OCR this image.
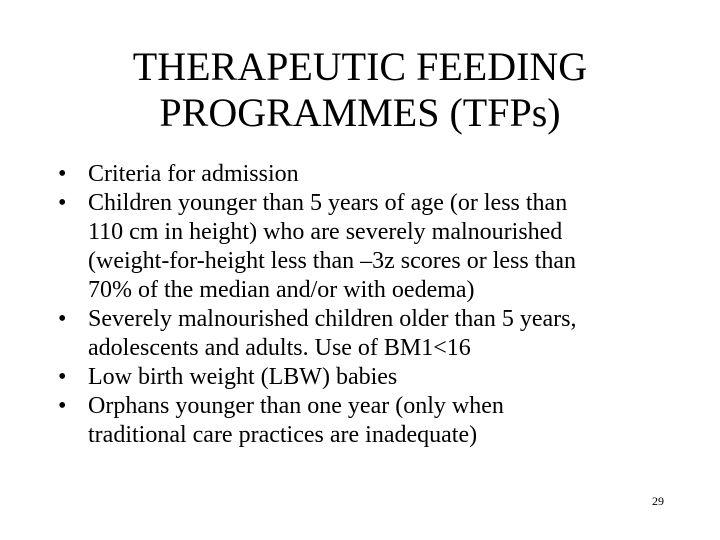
THERAPEUTIC FEEDING
PROGRAMMES (TFPs)
• Criteria for admission
• Children younger than 5 years of age (or less than
110 cm in height) who are severely malnourished
(weight-for-height less than –3z scores or less than
70% of the median and/or with oedema)
• Severely malnourished children older than 5 years,
adolescents and adults. Use of BM1<16
• Low birth weight (LBW) babies
• Orphans younger than one year (only when
traditional care practices are inadequate)
29
